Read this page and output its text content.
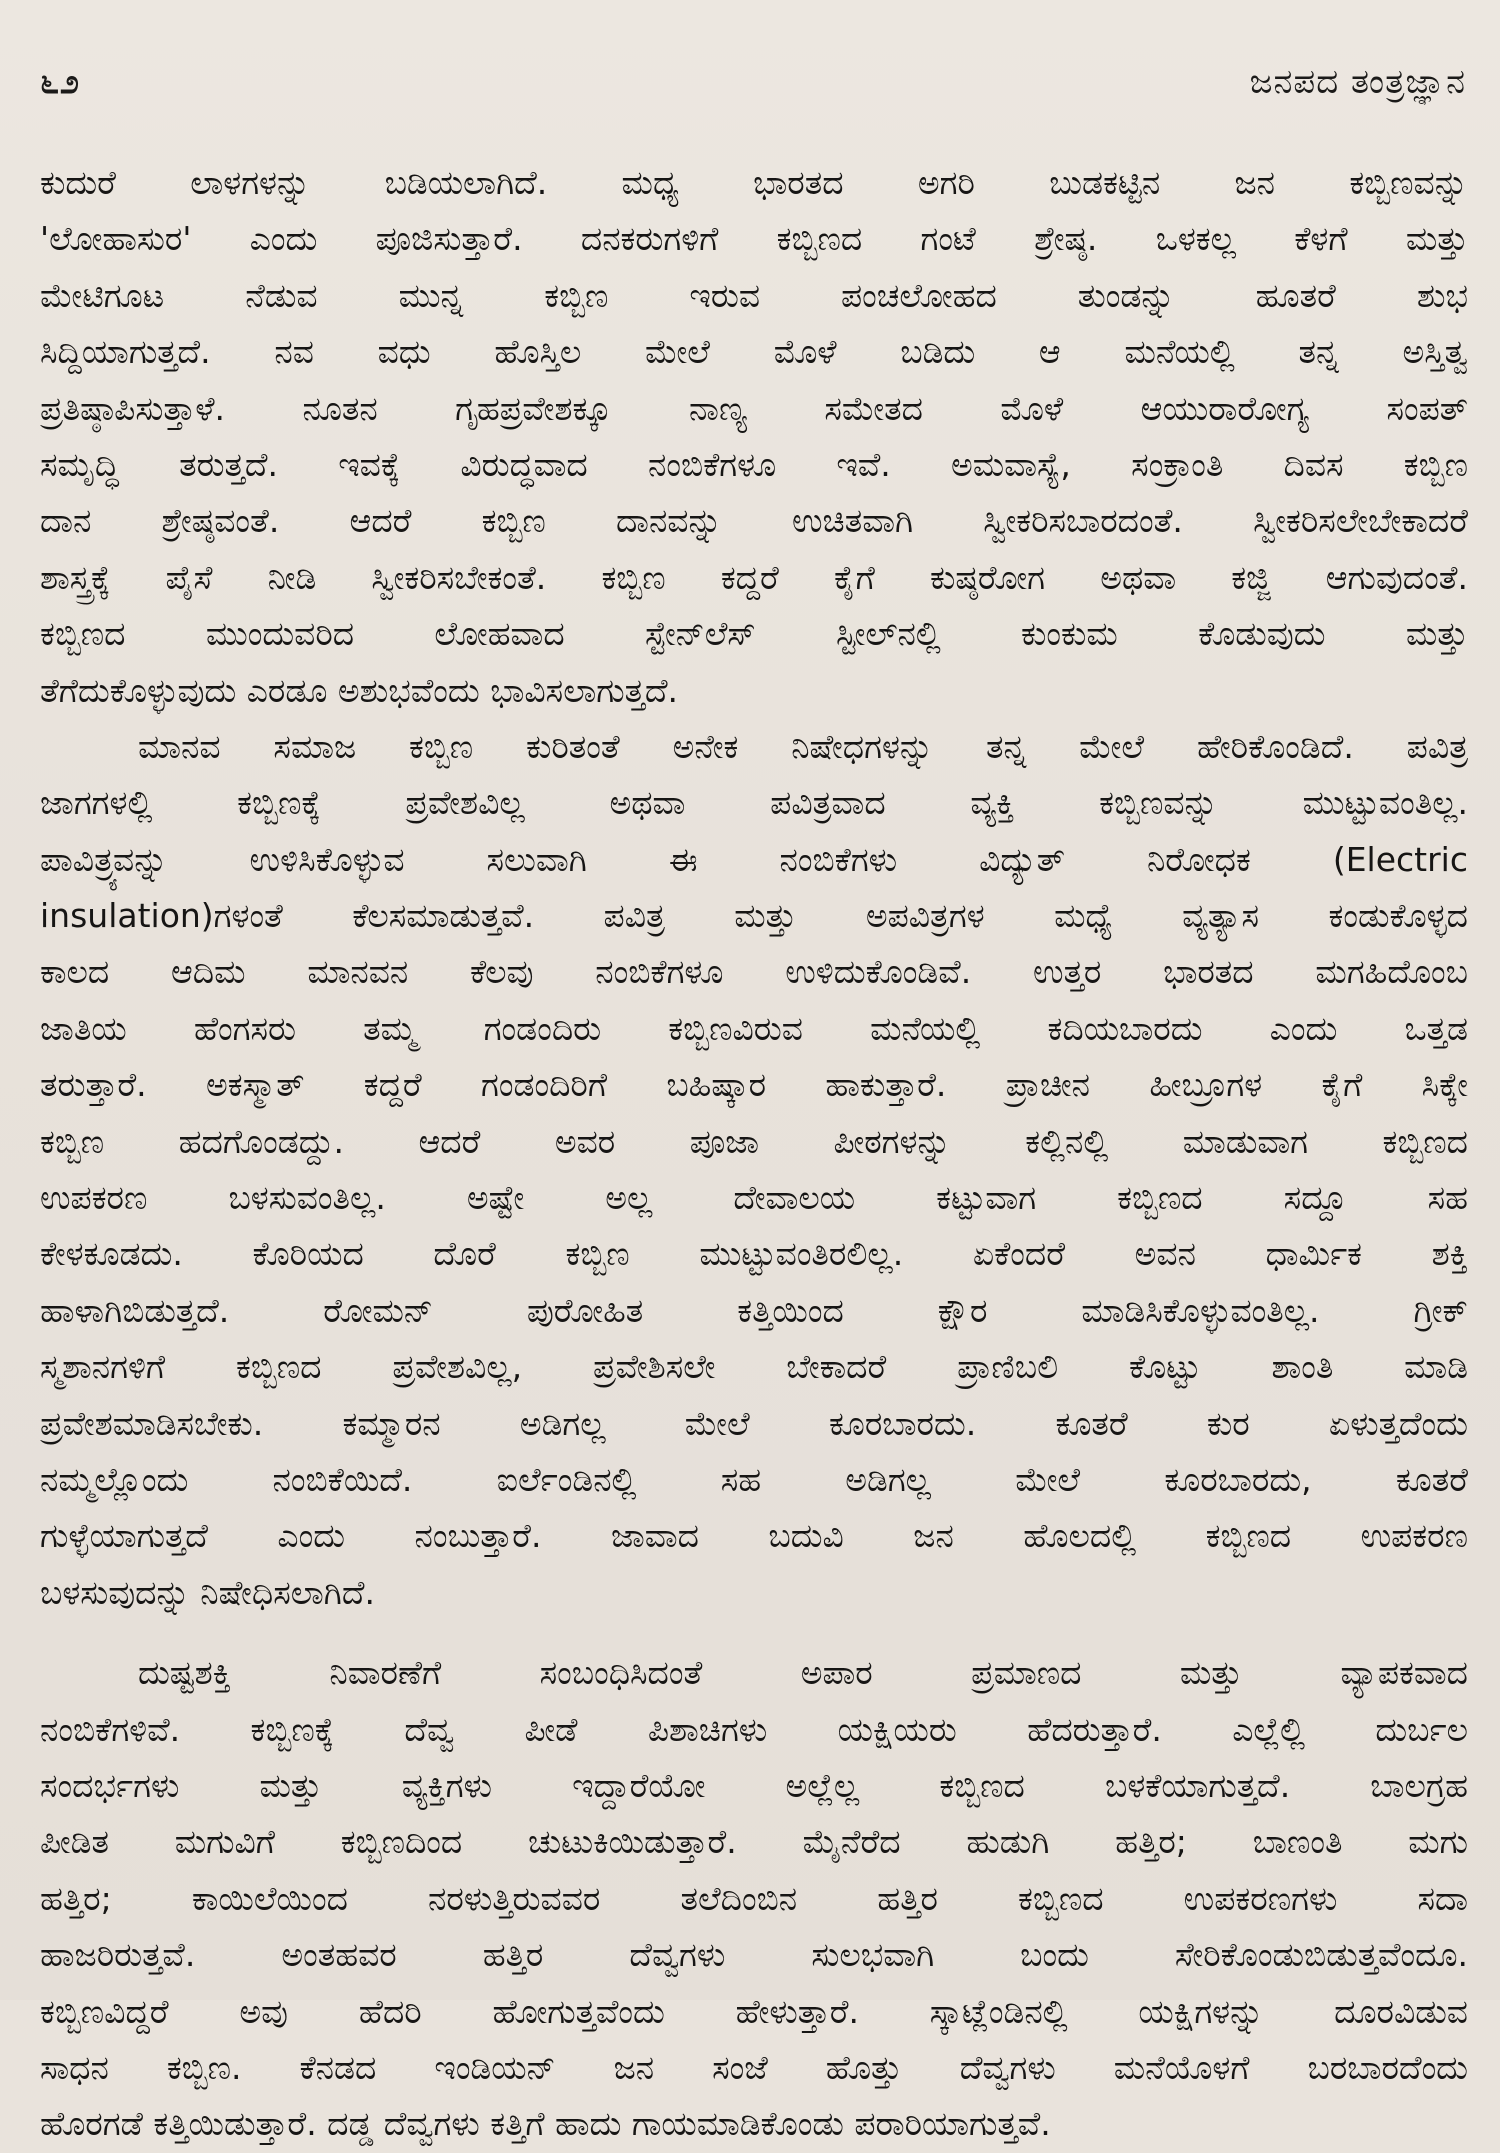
೬೨	ಜನಪದ ತಂತ್ರಜ್ಞಾನ
ಕುದುರೆ ಲಾಳಗಳನ್ನು ಬಡಿಯಲಾಗಿದೆ. ಮಧ್ಯ ಭಾರತದ ಅಗರಿ ಬುಡಕಟ್ಟಿನ ಜನ ಕಬ್ಬಿಣವನ್ನು
'ಲೋಹಾಸುರ' ಎಂದು ಪೂಜಿಸುತ್ತಾರೆ. ದನಕರುಗಳಿಗೆ ಕಬ್ಬಿಣದ ಗಂಟೆ ಶ್ರೇಷ್ಠ. ಒಳಕಲ್ಲ ಕೆಳಗೆ ಮತ್ತು
ಮೇಟಿಗೂಟ ನೆಡುವ ಮುನ್ನ ಕಬ್ಬಿಣ ಇರುವ ಪಂಚಲೋಹದ ತುಂಡನ್ನು ಹೂತರೆ ಶುಭ
ಸಿದ್ದಿಯಾಗುತ್ತದೆ. ನವ ವಧು ಹೊಸ್ತಿಲ ಮೇಲೆ ಮೊಳೆ ಬಡಿದು ಆ ಮನೆಯಲ್ಲಿ ತನ್ನ ಅಸ್ತಿತ್ವ
ಪ್ರತಿಷ್ಠಾಪಿಸುತ್ತಾಳೆ. ನೂತನ ಗೃಹಪ್ರವೇಶಕ್ಕೂ ನಾಣ್ಯ ಸಮೇತದ ಮೊಳೆ ಆಯುರಾರೋಗ್ಯ ಸಂಪತ್
ಸಮೃದ್ಧಿ ತರುತ್ತದೆ. ಇವಕ್ಕೆ ವಿರುದ್ಧವಾದ ನಂಬಿಕೆಗಳೂ ಇವೆ. ಅಮವಾಸ್ಯೆ, ಸಂಕ್ರಾಂತಿ ದಿವಸ ಕಬ್ಬಿಣ
ದಾನ ಶ್ರೇಷ್ಠವಂತೆ. ಆದರೆ ಕಬ್ಬಿಣ ದಾನವನ್ನು ಉಚಿತವಾಗಿ ಸ್ವೀಕರಿಸಬಾರದಂತೆ. ಸ್ವೀಕರಿಸಲೇಬೇಕಾದರೆ
ಶಾಸ್ತ್ರಕ್ಕೆ ಪೈಸೆ ನೀಡಿ ಸ್ವೀಕರಿಸಬೇಕಂತೆ. ಕಬ್ಬಿಣ ಕದ್ದರೆ ಕೈಗೆ ಕುಷ್ಠರೋಗ ಅಥವಾ ಕಜ್ಜಿ ಆಗುವುದಂತೆ.
ಕಬ್ಬಿಣದ ಮುಂದುವರಿದ ಲೋಹವಾದ ಸ್ಟೇನ್‌ಲೆಸ್ ಸ್ಟೀಲ್‌ನಲ್ಲಿ ಕುಂಕುಮ ಕೊಡುವುದು ಮತ್ತು
ತೆಗೆದುಕೊಳ್ಳುವುದು ಎರಡೂ ಅಶುಭವೆಂದು ಭಾವಿಸಲಾಗುತ್ತದೆ.
ಮಾನವ ಸಮಾಜ ಕಬ್ಬಿಣ ಕುರಿತಂತೆ ಅನೇಕ ನಿಷೇಧಗಳನ್ನು ತನ್ನ ಮೇಲೆ ಹೇರಿಕೊಂಡಿದೆ. ಪವಿತ್ರ
ಜಾಗಗಳಲ್ಲಿ ಕಬ್ಬಿಣಕ್ಕೆ ಪ್ರವೇಶವಿಲ್ಲ ಅಥವಾ ಪವಿತ್ರವಾದ ವ್ಯಕ್ತಿ ಕಬ್ಬಿಣವನ್ನು ಮುಟ್ಟುವಂತಿಲ್ಲ.
ಪಾವಿತ್ರ್ಯವನ್ನು ಉಳಿಸಿಕೊಳ್ಳುವ ಸಲುವಾಗಿ ಈ ನಂಬಿಕೆಗಳು ವಿದ್ಯುತ್ ನಿರೋಧಕ (Electric
insulation)ಗಳಂತೆ ಕೆಲಸಮಾಡುತ್ತವೆ. ಪವಿತ್ರ ಮತ್ತು ಅಪವಿತ್ರಗಳ ಮಧ್ಯೆ ವ್ಯತ್ಯಾಸ ಕಂಡುಕೊಳ್ಳದ
ಕಾಲದ ಆದಿಮ ಮಾನವನ ಕೆಲವು ನಂಬಿಕೆಗಳೂ ಉಳಿದುಕೊಂಡಿವೆ. ಉತ್ತರ ಭಾರತದ ಮಗಹಿದೊಂಬ
ಜಾತಿಯ ಹೆಂಗಸರು ತಮ್ಮ ಗಂಡಂದಿರು ಕಬ್ಬಿಣವಿರುವ ಮನೆಯಲ್ಲಿ ಕದಿಯಬಾರದು ಎಂದು ಒತ್ತಡ
ತರುತ್ತಾರೆ. ಅಕಸ್ಮಾತ್ ಕದ್ದರೆ ಗಂಡಂದಿರಿಗೆ ಬಹಿಷ್ಕಾರ ಹಾಕುತ್ತಾರೆ. ಪ್ರಾಚೀನ ಹೀಬ್ರೂಗಳ ಕೈಗೆ ಸಿಕ್ಕೇ
ಕಬ್ಬಿಣ ಹದಗೊಂಡದ್ದು. ಆದರೆ ಅವರ ಪೂಜಾ ಪೀಠಗಳನ್ನು ಕಲ್ಲಿನಲ್ಲಿ ಮಾಡುವಾಗ ಕಬ್ಬಿಣದ
ಉಪಕರಣ ಬಳಸುವಂತಿಲ್ಲ. ಅಷ್ಟೇ ಅಲ್ಲ ದೇವಾಲಯ ಕಟ್ಟುವಾಗ ಕಬ್ಬಿಣದ ಸದ್ದೂ ಸಹ
ಕೇಳಕೂಡದು. ಕೊರಿಯದ ದೊರೆ ಕಬ್ಬಿಣ ಮುಟ್ಟುವಂತಿರಲಿಲ್ಲ. ಏಕೆಂದರೆ ಅವನ ಧಾರ್ಮಿಕ ಶಕ್ತಿ
ಹಾಳಾಗಿಬಿಡುತ್ತದೆ. ರೋಮನ್ ಪುರೋಹಿತ ಕತ್ತಿಯಿಂದ ಕ್ಷೌರ ಮಾಡಿಸಿಕೊಳ್ಳುವಂತಿಲ್ಲ. ಗ್ರೀಕ್
ಸ್ಮಶಾನಗಳಿಗೆ ಕಬ್ಬಿಣದ ಪ್ರವೇಶವಿಲ್ಲ, ಪ್ರವೇಶಿಸಲೇ ಬೇಕಾದರೆ ಪ್ರಾಣಿಬಲಿ ಕೊಟ್ಟು ಶಾಂತಿ ಮಾಡಿ
ಪ್ರವೇಶಮಾಡಿಸಬೇಕು. ಕಮ್ಮಾರನ ಅಡಿಗಲ್ಲ ಮೇಲೆ ಕೂರಬಾರದು. ಕೂತರೆ ಕುರ ಏಳುತ್ತದೆಂದು
ನಮ್ಮಲ್ಲೊಂದು ನಂಬಿಕೆಯಿದೆ. ಐರ್ಲೆಂಡಿನಲ್ಲಿ ಸಹ ಅಡಿಗಲ್ಲ ಮೇಲೆ ಕೂರಬಾರದು, ಕೂತರೆ
ಗುಳ್ಳೆಯಾಗುತ್ತದೆ ಎಂದು ನಂಬುತ್ತಾರೆ. ಜಾವಾದ ಬದುವಿ ಜನ ಹೊಲದಲ್ಲಿ ಕಬ್ಬಿಣದ ಉಪಕರಣ
ಬಳಸುವುದನ್ನು ನಿಷೇಧಿಸಲಾಗಿದೆ.
ದುಷ್ಟಶಕ್ತಿ ನಿವಾರಣೆಗೆ ಸಂಬಂಧಿಸಿದಂತೆ ಅಪಾರ ಪ್ರಮಾಣದ ಮತ್ತು ವ್ಯಾಪಕವಾದ
ನಂಬಿಕೆಗಳಿವೆ. ಕಬ್ಬಿಣಕ್ಕೆ ದೆವ್ವ ಪೀಡೆ ಪಿಶಾಚಿಗಳು ಯಕ್ಷಿಯರು ಹೆದರುತ್ತಾರೆ. ಎಲ್ಲೆಲ್ಲಿ ದುರ್ಬಲ
ಸಂದರ್ಭಗಳು ಮತ್ತು ವ್ಯಕ್ತಿಗಳು ಇದ್ದಾರೆಯೋ ಅಲ್ಲೆಲ್ಲ ಕಬ್ಬಿಣದ ಬಳಕೆಯಾಗುತ್ತದೆ. ಬಾಲಗ್ರಹ
ಪೀಡಿತ ಮಗುವಿಗೆ ಕಬ್ಬಿಣದಿಂದ ಚುಟುಕಿಯಿಡುತ್ತಾರೆ. ಮೈನೆರೆದ ಹುಡುಗಿ ಹತ್ತಿರ; ಬಾಣಂತಿ ಮಗು
ಹತ್ತಿರ; ಕಾಯಿಲೆಯಿಂದ ನರಳುತ್ತಿರುವವರ ತಲೆದಿಂಬಿನ ಹತ್ತಿರ ಕಬ್ಬಿಣದ ಉಪಕರಣಗಳು ಸದಾ
ಹಾಜರಿರುತ್ತವೆ. ಅಂತಹವರ ಹತ್ತಿರ ದೆವ್ವಗಳು ಸುಲಭವಾಗಿ ಬಂದು ಸೇರಿಕೊಂಡುಬಿಡುತ್ತವೆಂದೂ.
ಕಬ್ಬಿಣವಿದ್ದರೆ ಅವು ಹೆದರಿ ಹೋಗುತ್ತವೆಂದು ಹೇಳುತ್ತಾರೆ. ಸ್ಕಾಟ್ಲೆಂಡಿನಲ್ಲಿ ಯಕ್ಷಿಗಳನ್ನು ದೂರವಿಡುವ
ಸಾಧನ ಕಬ್ಬಿಣ. ಕೆನಡದ ಇಂಡಿಯನ್ ಜನ ಸಂಜೆ ಹೊತ್ತು ದೆವ್ವಗಳು ಮನೆಯೊಳಗೆ ಬರಬಾರದೆಂದು
ಹೊರಗಡೆ ಕತ್ತಿಯಿಡುತ್ತಾರೆ. ದಡ್ಡ ದೆವ್ವಗಳು ಕತ್ತಿಗೆ ಹಾದು ಗಾಯಮಾಡಿಕೊಂಡು ಪರಾರಿಯಾಗುತ್ತವೆ.
